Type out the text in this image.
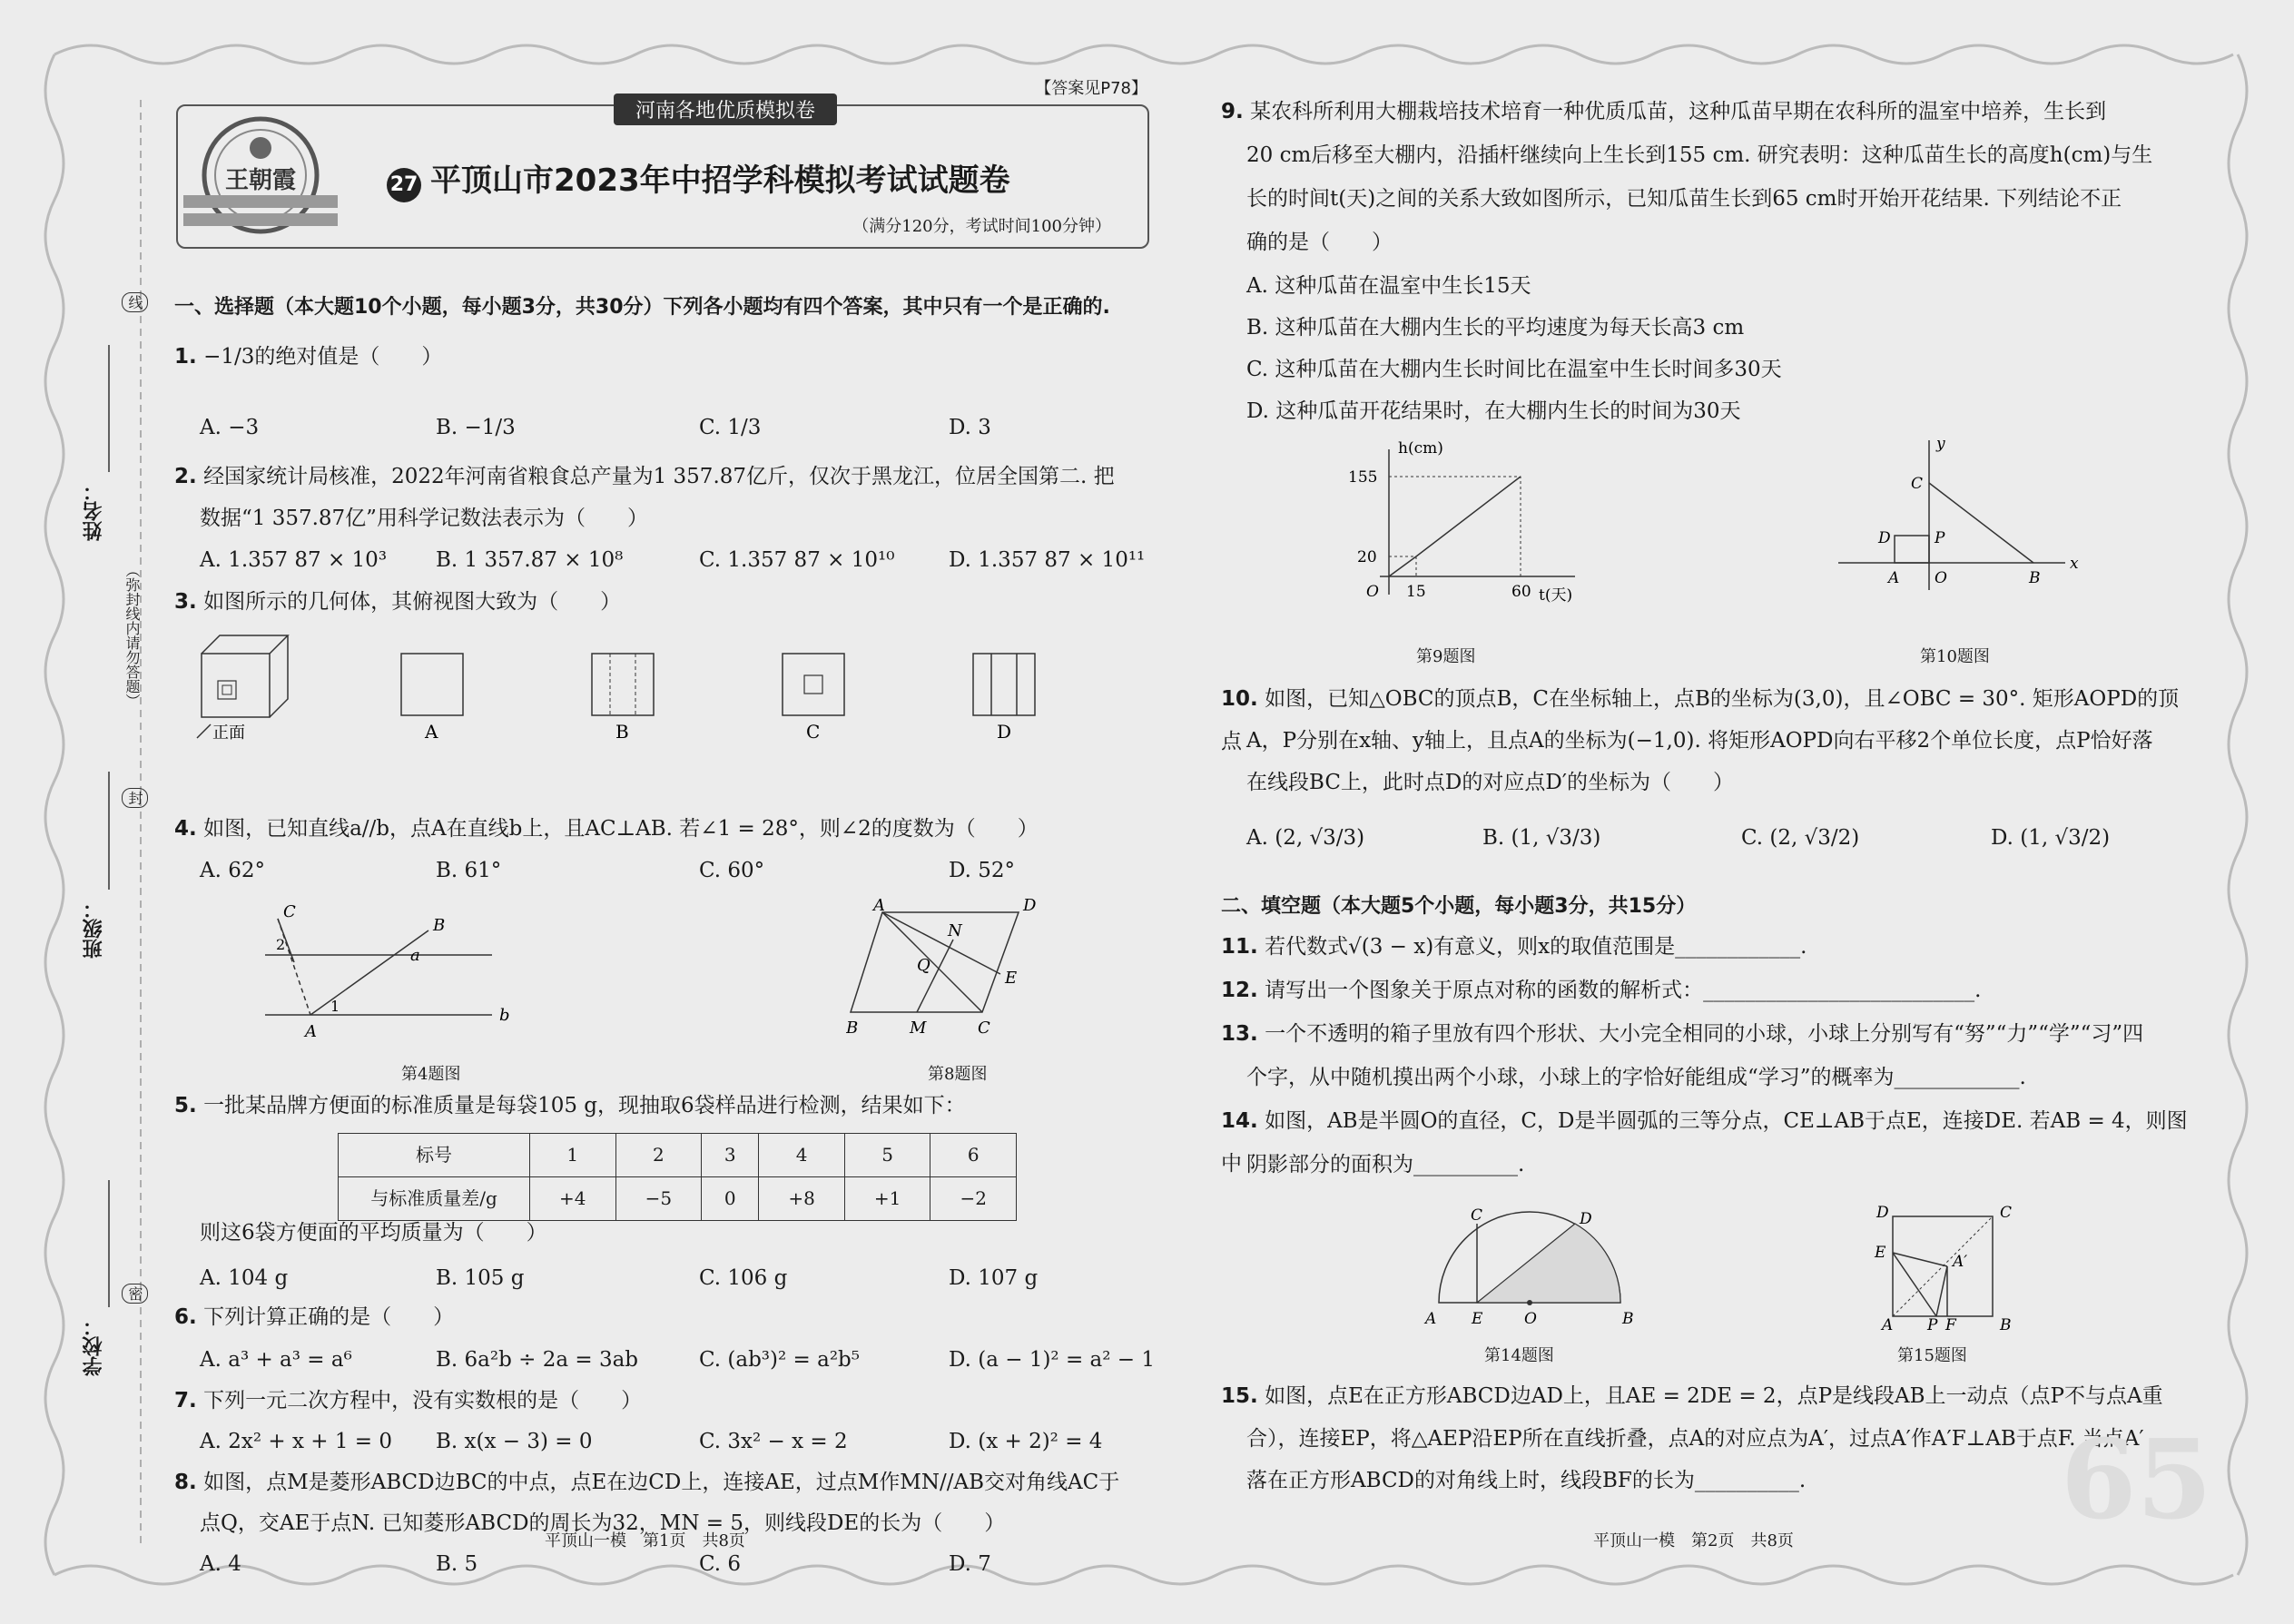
姓名：
班级：
学校：
（弥封线内请勿答题）
线
封
密
【答案见P78】
河南各地优质模拟卷
王朝霞	27 平顶山市2023年中招学科模拟考试试题卷
（满分120分，考试时间100分钟）
一、选择题（本大题10个小题，每小题3分，共30分）下列各小题均有四个答案，其中只有一个是正确的.
1. −1/3的绝对值是（　　）
A. −3	B. −1/3	C. 1/3	D. 3
2. 经国家统计局核准，2022年河南省粮食总产量为1 357.87亿斤，仅次于黑龙江，位居全国第二. 把
数据“1 357.87亿”用科学记数法表示为（　　）
A. 1.357 87 × 10³ B. 1 357.87 × 10⁸	C. 1.357 87 × 10¹⁰	D. 1.357 87 × 10¹¹
3. 如图所示的几何体，其俯视图大致为（　　）
正面	A	B	C	D
4. 如图，已知直线a//b，点A在直线b上，且AC⊥AB. 若∠1 = 28°，则∠2的度数为（　　）
A. 62°	B. 61°	C. 60°	D. 52°
C
B
A
a
b
1
2
第4题图
A	D
N
Q
E
B	M	C
第8题图
5. 一批某品牌方便面的标准质量是每袋105 g，现抽取6袋样品进行检测，结果如下：
标号	1	2	3	4	5	6
与标准质量差/g	+4	−5	0	+8	+1	−2
则这6袋方便面的平均质量为（　　）
A. 104 g	B. 105 g	C. 106 g	D. 107 g
6. 下列计算正确的是（　　）
A. a³ + a³ = a⁶	B. 6a²b ÷ 2a = 3ab	C. (ab³)² = a²b⁵	D. (a − 1)² = a² − 1
7. 下列一元二次方程中，没有实数根的是（　　）
A. 2x² + x + 1 = 0 B. x(x − 3) = 0	C. 3x² − x = 2	D. (x + 2)² = 4
8. 如图，点M是菱形ABCD边BC的中点，点E在边CD上，连接AE，过点M作MN//AB交对角线AC于
点Q，交AE于点N. 已知菱形ABCD的周长为32，MN = 5，则线段DE的长为（　　）
A. 4	B. 5	C. 6	D. 7
平顶山一模　第1页　共8页
9. 某农科所利用大棚栽培技术培育一种优质瓜苗，这种瓜苗早期在农科所的温室中培养，生长到
20 cm后移至大棚内，沿插杆继续向上生长到155 cm. 研究表明：这种瓜苗生长的高度h(cm)与生
长的时间t(天)之间的关系大致如图所示，已知瓜苗生长到65 cm时开始开花结果. 下列结论不正
确的是（　　）
A. 这种瓜苗在温室中生长15天
B. 这种瓜苗在大棚内生长的平均速度为每天长高3 cm
C. 这种瓜苗在大棚内生长时间比在温室中生长时间多30天
D. 这种瓜苗开花结果时，在大棚内生长的时间为30天
h(cm)
155
20
15	60
O	t(天)
第9题图
y
x
C
D	P
A O	B
第10题图
10. 如图，已知△OBC的顶点B，C在坐标轴上，点B的坐标为(3,0)，且∠OBC = 30°. 矩形AOPD的顶点 A，P分别在x轴、y轴上，且点A的坐标为(−1,0). 将矩形AOPD向右平移2个单位长度，点P恰好落
在线段BC上，此时点D的对应点D′的坐标为（　　）
A. (2, √3/3)	B. (1, √3/3)	C. (2, √3/2)	D. (1, √3/2)
二、填空题（本大题5个小题，每小题3分，共15分）
11. 若代数式√(3 − x)有意义，则x的取值范围是____________.
12. 请写出一个图象关于原点对称的函数的解析式：__________________________.
13. 一个不透明的箱子里放有四个形状、大小完全相同的小球，小球上分别写有“努”“力”“学”“习”四
个字，从中随机摸出两个小球，小球上的字恰好能组成“学习”的概率为____________.
14. 如图，AB是半圆O的直径，C，D是半圆弧的三等分点，CE⊥AB于点E，连接DE. 若AB = 4，则图中 阴影部分的面积为__________.
C	D
A E	O	B
第14题图
D	C
E	A′
A P F	B
第15题图
15. 如图，点E在正方形ABCD边AD上，且AE = 2DE = 2，点P是线段AB上一动点（点P不与点A重
合），连接EP，将△AEP沿EP所在直线折叠，点A的对应点为A′，过点A′作A′F⊥AB于点F. 当点A′
落在正方形ABCD的对角线上时，线段BF的长为__________.
平顶山一模　第2页　共8页 65
